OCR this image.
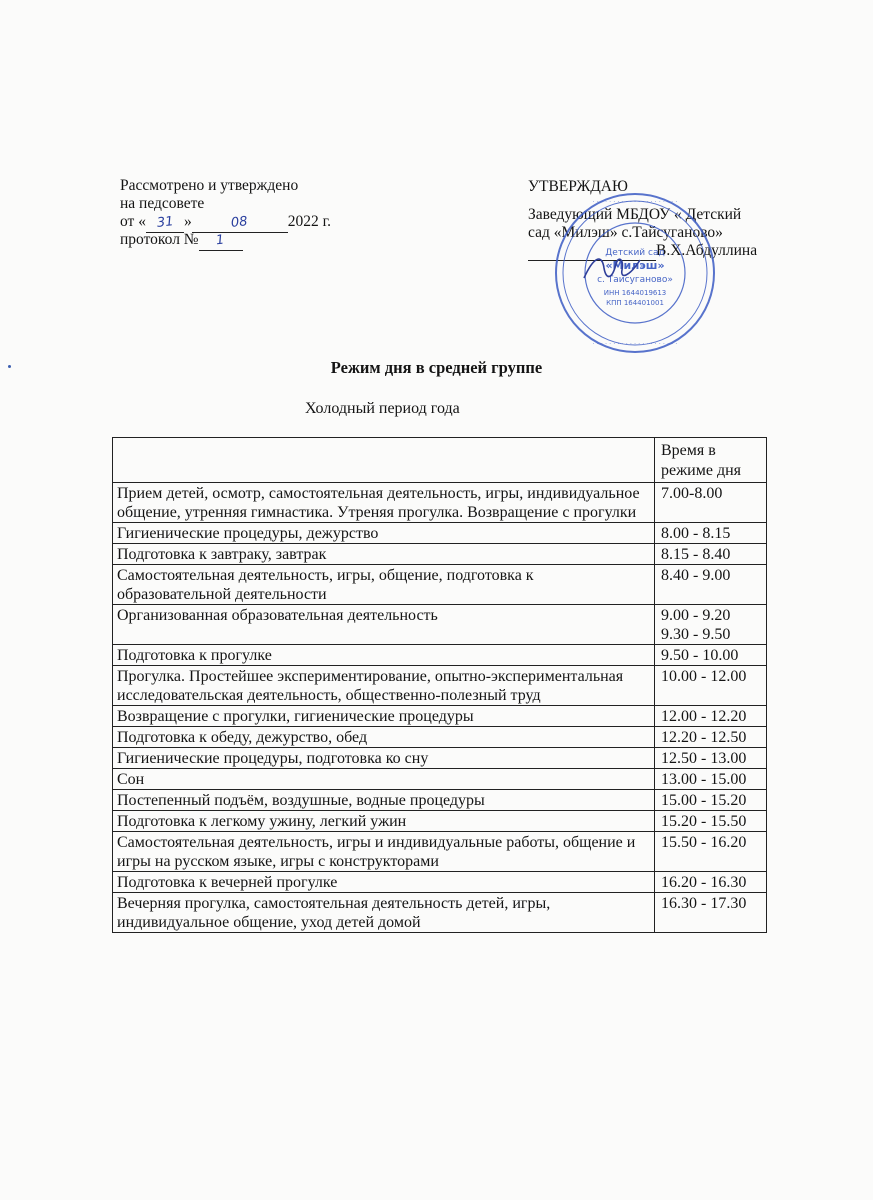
Рассмотрено и утверждено
на педсовете
от « 31 »	08	2022 г.
протокол № 1
УТВЕРЖДАЮ
Заведующий МБДОУ « Детский
сад «Милэш» с.Тайсуганово»
В.Х.Абдуллина
· · · · · · · · · · · · · · · · · · · · ·
· · · · · · · · · · · · · · · · · · · · ·
Детский сад
«Милэш»
с. Таисуганово»
ИНН 1644019613
КПП 164401001
Режим дня в средней группе
Холодный период года

	Время в
режиме дня

Прием детей, осмотр, самостоятельная деятельность, игры, индивидуальное общение, утренняя гимнастика. Утреняя прогулка. Возвращение с прогулки	7.00-8.00
Гигиенические процедуры, дежурство	8.00 - 8.15
Подготовка к завтраку, завтрак	8.15 - 8.40
Самостоятельная деятельность, игры, общение, подготовка к образовательной деятельности	8.40 - 9.00
Организованная образовательная деятельность	9.00 - 9.20
9.30 - 9.50

Подготовка к прогулке	9.50 - 10.00
Прогулка. Простейшее экспериментирование, опытно-экспериментальная исследовательская деятельность, общественно-полезный труд	10.00 - 12.00
Возвращение с прогулки, гигиенические процедуры	12.00 - 12.20
Подготовка к обеду, дежурство, обед	12.20 - 12.50
Гигиенические процедуры, подготовка ко сну	12.50 - 13.00
Сон	13.00 - 15.00
Постепенный подъём, воздушные, водные процедуры	15.00 - 15.20
Подготовка к легкому ужину, легкий ужин	15.20 - 15.50
Самостоятельная деятельность, игры и индивидуальные работы, общение и игры на русском языке, игры с конструкторами	15.50 - 16.20
Подготовка к вечерней прогулке	16.20 - 16.30
Вечерняя прогулка, самостоятельная деятельность детей, игры, индивидуальное общение, уход детей домой	16.30 - 17.30
